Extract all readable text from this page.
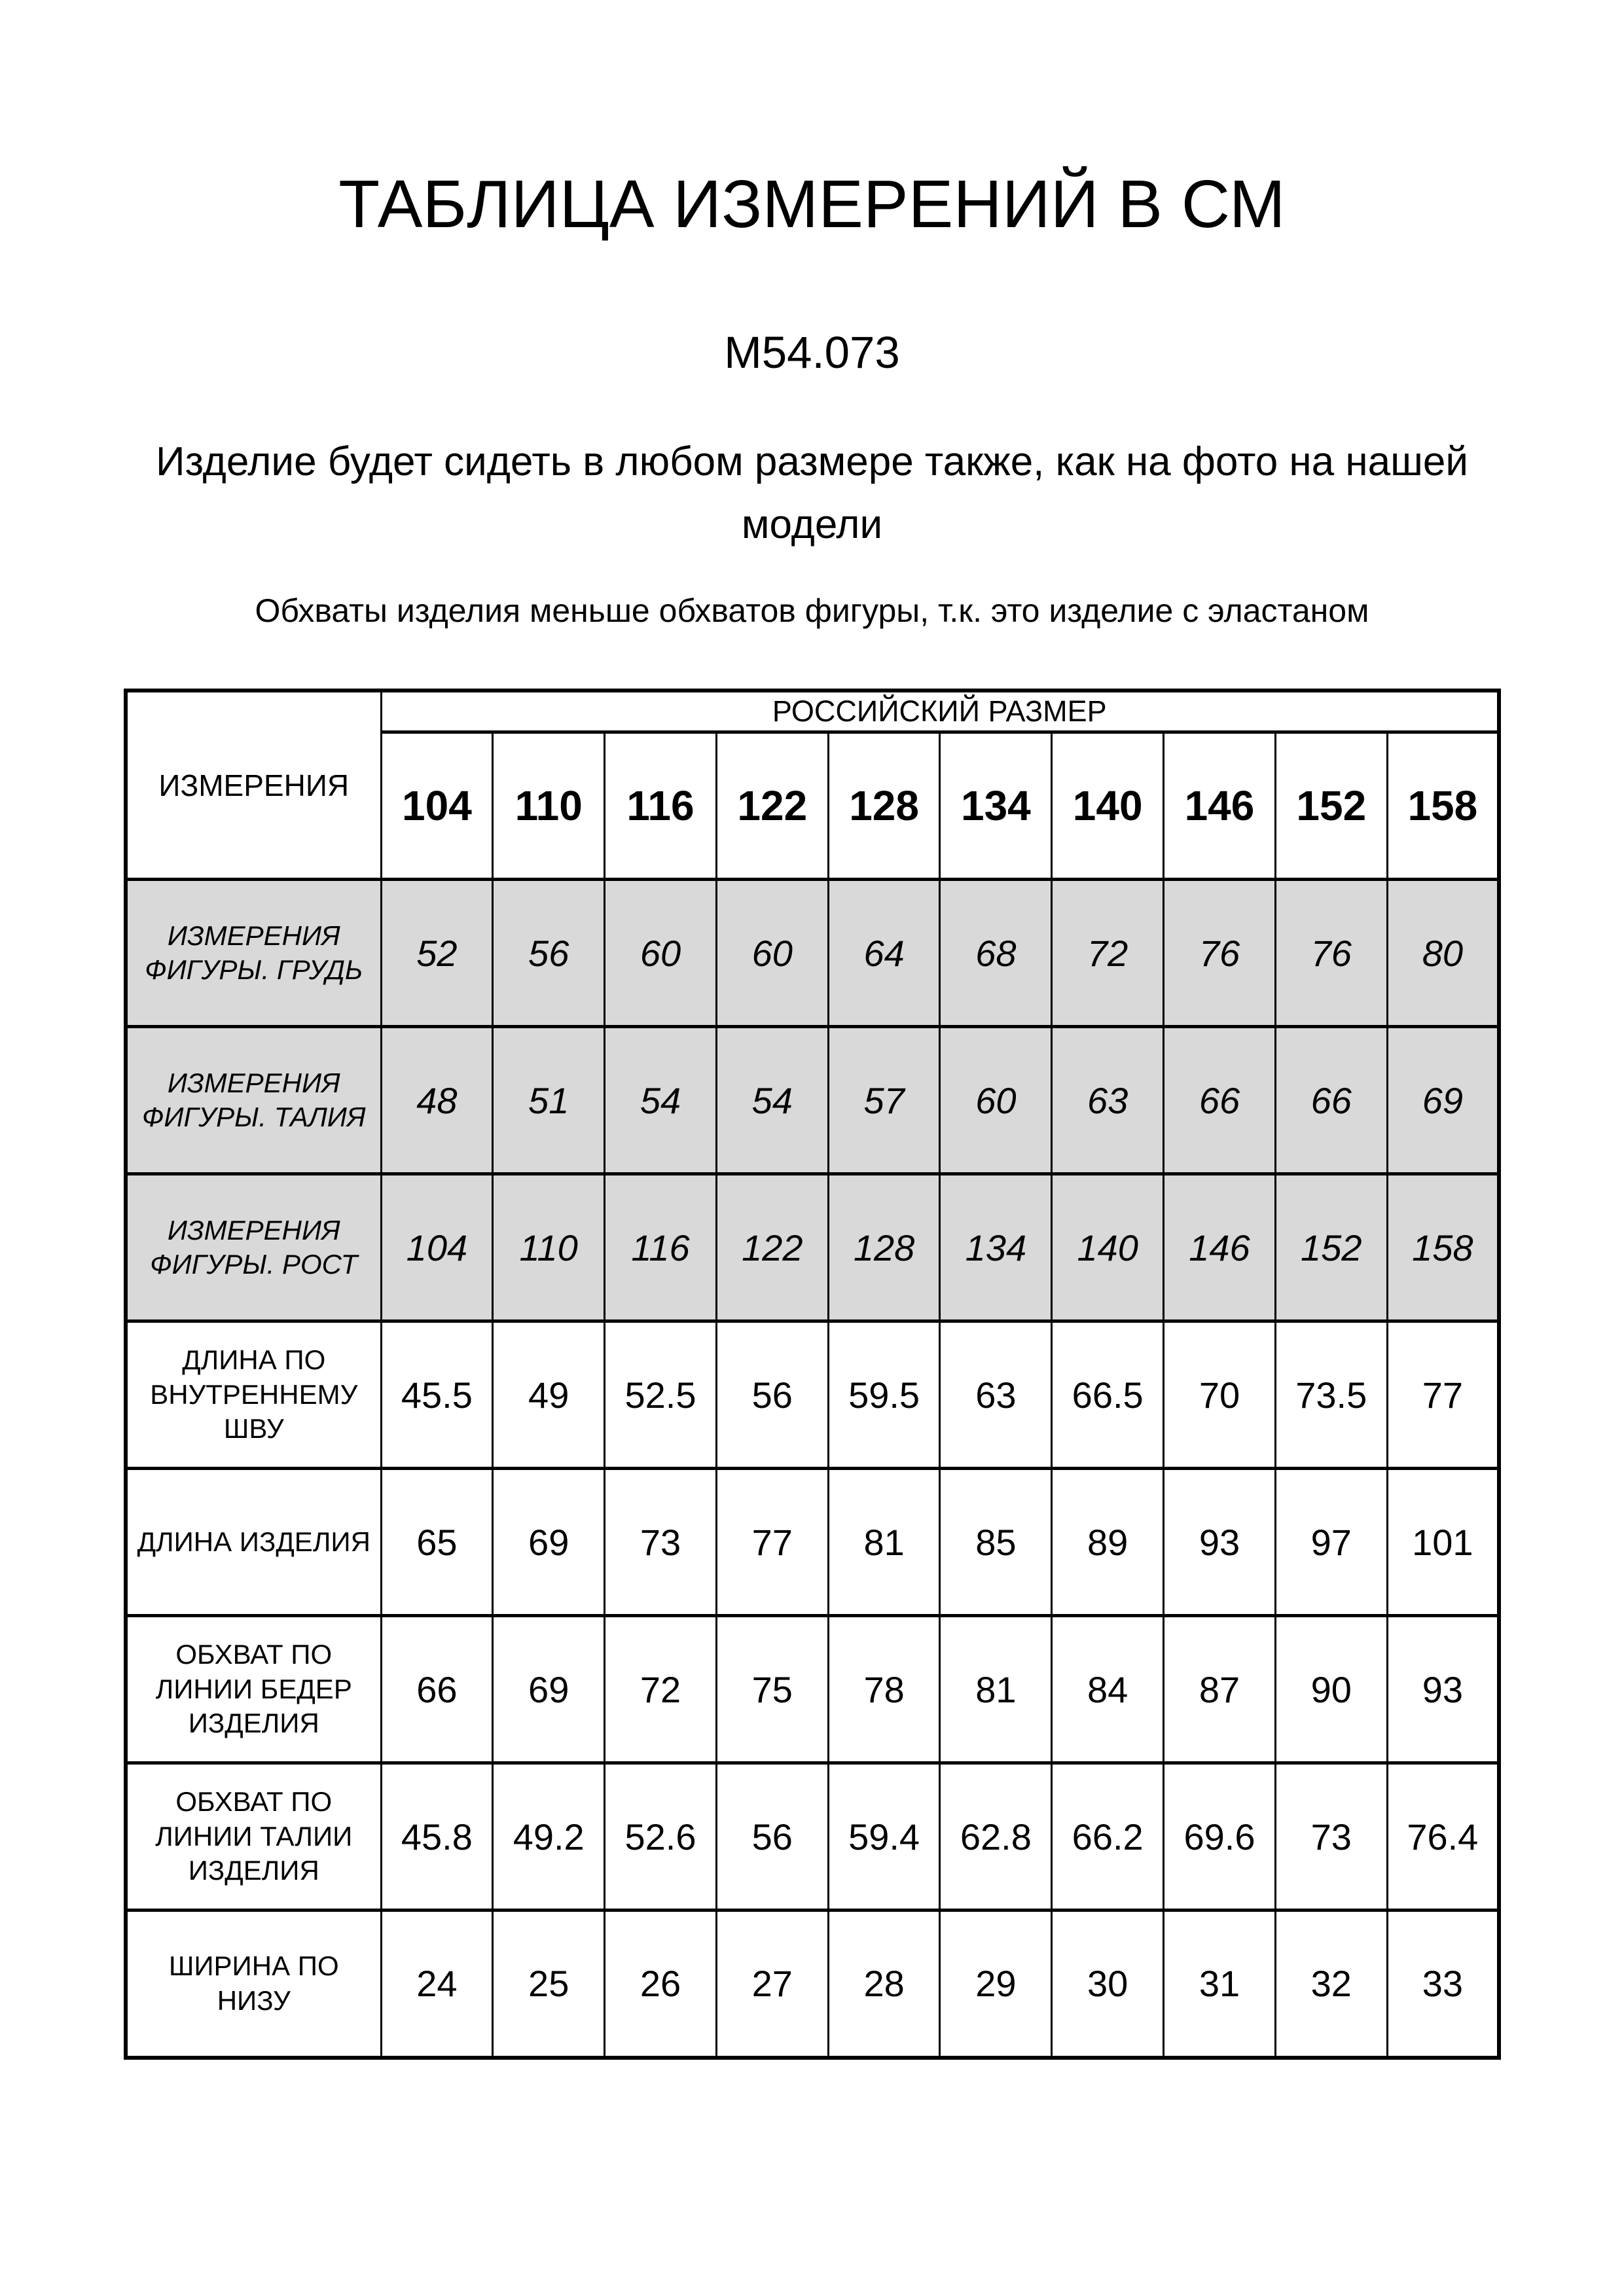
ТАБЛИЦА ИЗМЕРЕНИЙ В СМ
М54.073

Изделие будет сидеть в любом размере также, как на фото на нашей модели

Обхваты изделия меньше обхватов фигуры, т.к. это изделие с эластаном

ИЗМЕРЕНИЯ	РОССИЙСКИЙ РАЗМЕР									
	104	110	116	122	128	134	140	146	152	158
ИЗМЕРЕНИЯ ФИГУРЫ. ГРУДЬ	52	56	60	60	64	68	72	76	76	80
ИЗМЕРЕНИЯ ФИГУРЫ. ТАЛИЯ	48	51	54	54	57	60	63	66	66	69
ИЗМЕРЕНИЯ ФИГУРЫ. РОСТ	104	110	116	122	128	134	140	146	152	158
ДЛИНА ПО ВНУТРЕННЕМУ ШВУ	45.5	49	52.5	56	59.5	63	66.5	70	73.5	77
ДЛИНА ИЗДЕЛИЯ	65	69	73	77	81	85	89	93	97	101
ОБХВАТ ПО ЛИНИИ БЕДЕР ИЗДЕЛИЯ	66	69	72	75	78	81	84	87	90	93
ОБХВАТ ПО ЛИНИИ ТАЛИИ ИЗДЕЛИЯ	45.8	49.2	52.6	56	59.4	62.8	66.2	69.6	73	76.4
ШИРИНА ПО НИЗУ	24	25	26	27	28	29	30	31	32	33
